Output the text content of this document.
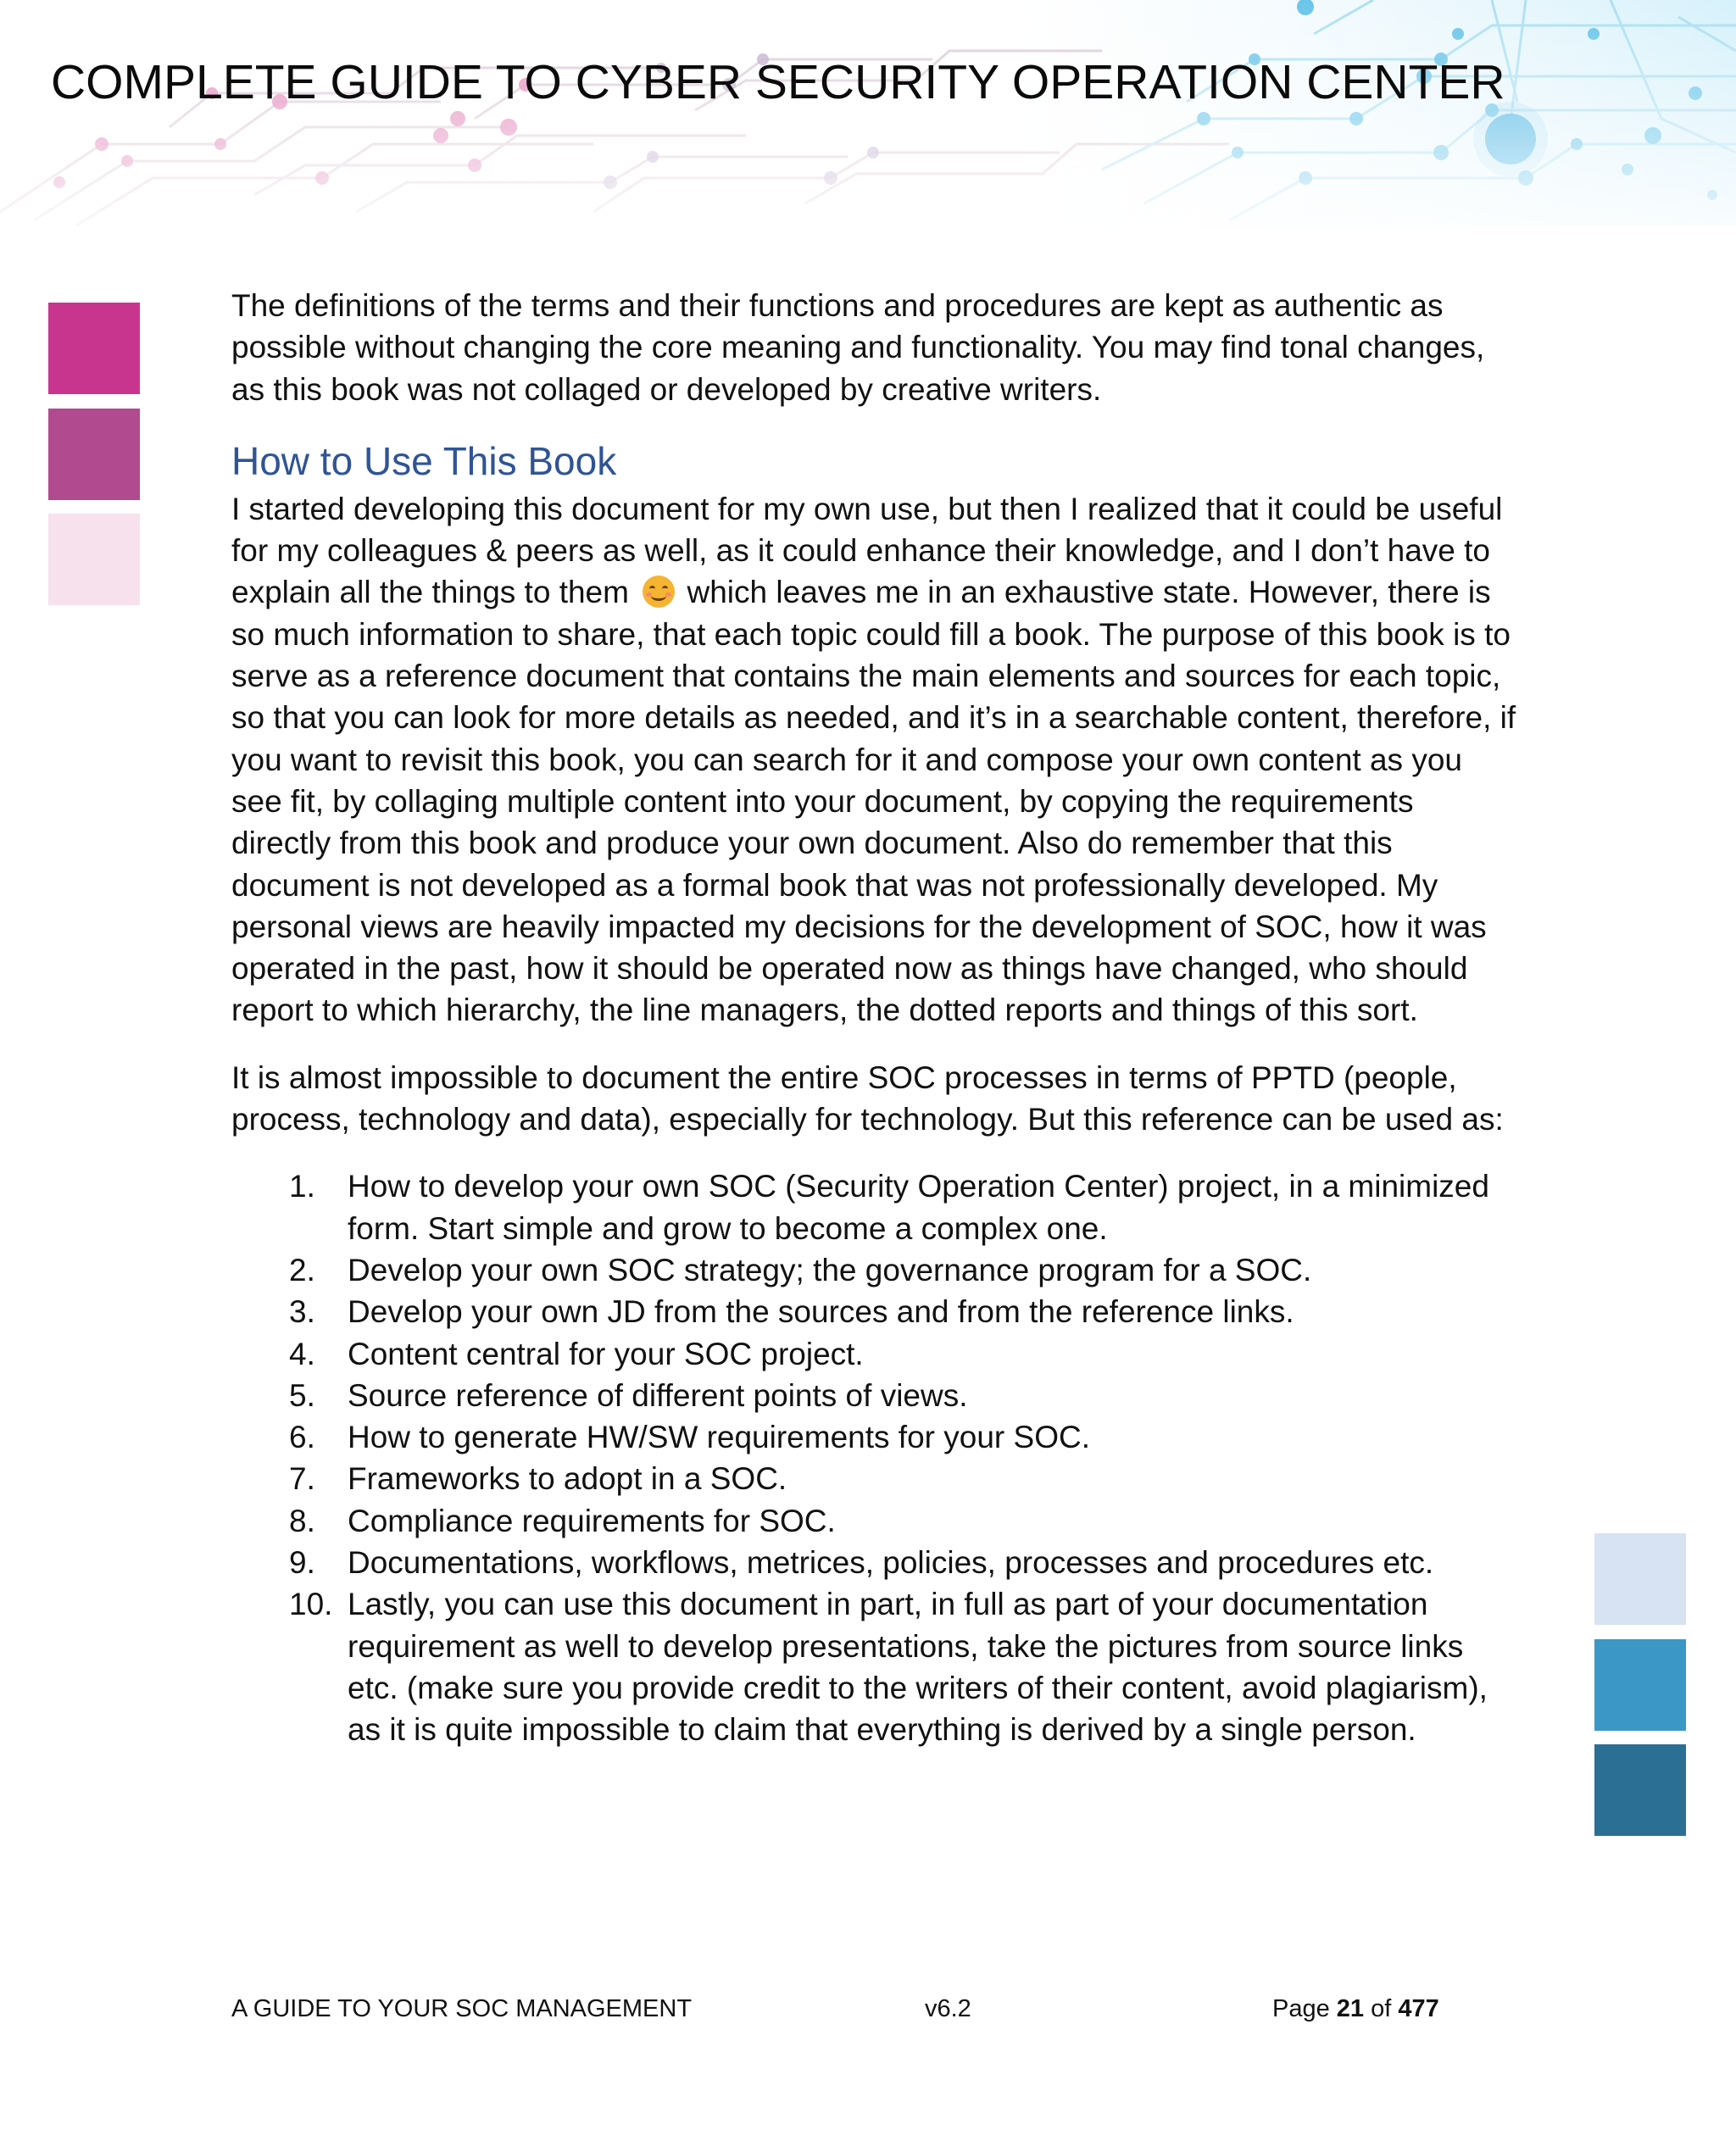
COMPLETE GUIDE TO CYBER SECURITY OPERATION CENTER

The definitions of the terms and their functions and procedures are kept as authentic as possible without changing the core meaning and functionality. You may find tonal changes, as this book was not collaged or developed by creative writers.

How to Use This Book

I started developing this document for my own use, but then I realized that it could be useful for my colleagues & peers as well, as it could enhance their knowledge, and I don’t have to explain all the things to them
which leaves me in an exhaustive state. However, there is so much information to share, that each topic could fill a book. The purpose of this book is to serve as a reference document that contains the main elements and sources for each topic, so that you can look for more details as needed, and it’s in a searchable content, therefore, if you want to revisit this book, you can search for it and compose your own content as you see fit, by collaging multiple content into your document, by copying the requirements directly from this book and produce your own document. Also do remember that this document is not developed as a formal book that was not professionally developed. My personal views are heavily impacted my decisions for the development of SOC, how it was operated in the past, how it should be operated now as things have changed, who should report to which hierarchy, the line managers, the dotted reports and things of this sort.

It is almost impossible to document the entire SOC processes in terms of PPTD (people, process, technology and data), especially for technology. But this reference can be used as:

1. How to develop your own SOC (Security Operation Center) project, in a minimized form. Start simple and grow to become a complex one.
2. Develop your own SOC strategy; the governance program for a SOC.
3. Develop your own JD from the sources and from the reference links.
4. Content central for your SOC project.
5. Source reference of different points of views.
6. How to generate HW/SW requirements for your SOC.
7. Frameworks to adopt in a SOC.
8. Compliance requirements for SOC.
9. Documentations, workflows, metrices, policies, processes and procedures etc.
10. Lastly, you can use this document in part, in full as part of your documentation requirement as well to develop presentations, take the pictures from source links etc. (make sure you provide credit to the writers of their content, avoid plagiarism), as it is quite impossible to claim that everything is derived by a single person.
A GUIDE TO YOUR SOC MANAGEMENT	v6.2	Page 21 of 477
